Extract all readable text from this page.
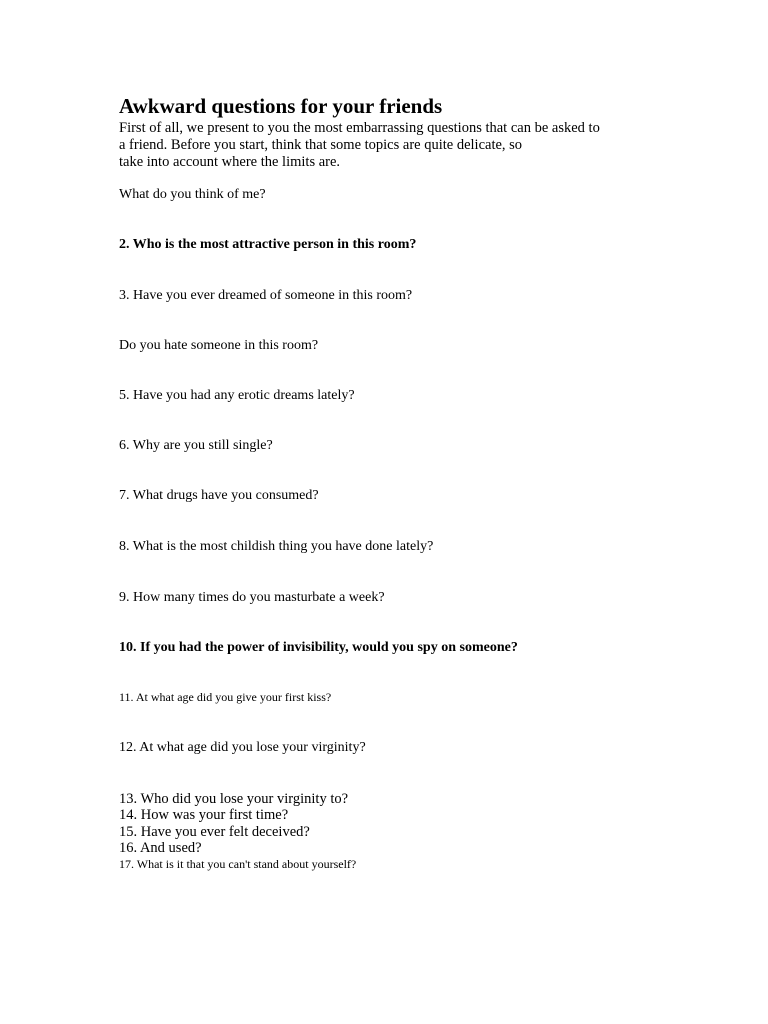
Awkward questions for your friends

First of all, we present to you the most embarrassing questions that can be asked to

a friend. Before you start, think that some topics are quite delicate, so

take into account where the limits are.

What do you think of me?

2. Who is the most attractive person in this room?

3. Have you ever dreamed of someone in this room?

Do you hate someone in this room?

5. Have you had any erotic dreams lately?

6. Why are you still single?

7. What drugs have you consumed?

8. What is the most childish thing you have done lately?

9. How many times do you masturbate a week?

10. If you had the power of invisibility, would you spy on someone?

11. At what age did you give your first kiss?

12. At what age did you lose your virginity?

13. Who did you lose your virginity to?

14. How was your first time?

15. Have you ever felt deceived?

16. And used?

17. What is it that you can't stand about yourself?
